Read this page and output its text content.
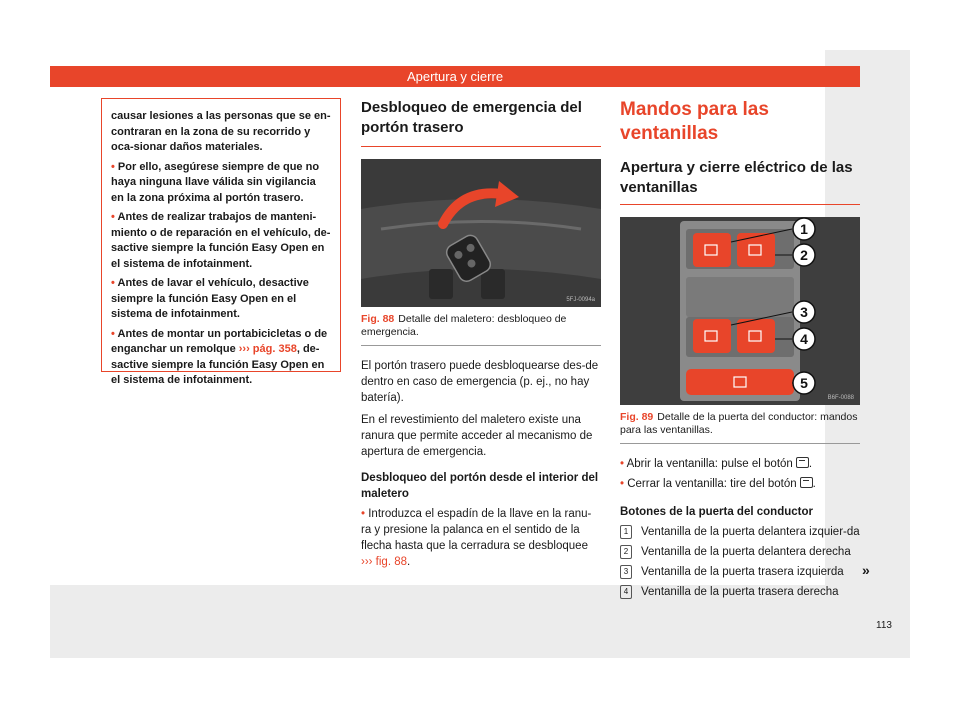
Apertura y cierre

causar lesiones a las personas que se en-contraran en la zona de su recorrido y oca-sionar daños materiales.

• Por ello, asegúrese siempre de que no haya ninguna llave válida sin vigilancia en la zona próxima al portón trasero.

• Antes de realizar trabajos de manteni-miento o de reparación en el vehículo, de-sactive siempre la función Easy Open en el sistema de infotainment.

• Antes de lavar el vehículo, desactive siempre la función Easy Open en el sistema de infotainment.

• Antes de montar un portabicicletas o de enganchar un remolque ››› pág. 358, de-sactive siempre la función Easy Open en el sistema de infotainment.

Desbloqueo de emergencia del portón trasero
5FJ-0094a
Fig. 88 Detalle del maletero: desbloqueo de emergencia.

El portón trasero puede desbloquearse des-de dentro en caso de emergencia (p. ej., no hay batería).

En el revestimiento del maletero existe una ranura que permite acceder al mecanismo de apertura de emergencia.

Desbloqueo del portón desde el interior del maletero

• Introduzca el espadín de la llave en la ranu-ra y presione la palanca en el sentido de la flecha hasta que la cerradura se desbloquee ››› fig. 88.

Mandos para las ventanillas
Apertura y cierre eléctrico de las ventanillas
1
2
3
4
5
B6F-0088
Fig. 89 Detalle de la puerta del conductor: mandos para las ventanillas.

• Abrir la ventanilla: pulse el botón .

• Cerrar la ventanilla: tire del botón .

Botones de la puerta del conductor

1	Ventanilla de la puerta delantera izquier-da
2	Ventanilla de la puerta delantera derecha
3	Ventanilla de la puerta trasera izquierda
4	Ventanilla de la puerta trasera derecha
»
113
